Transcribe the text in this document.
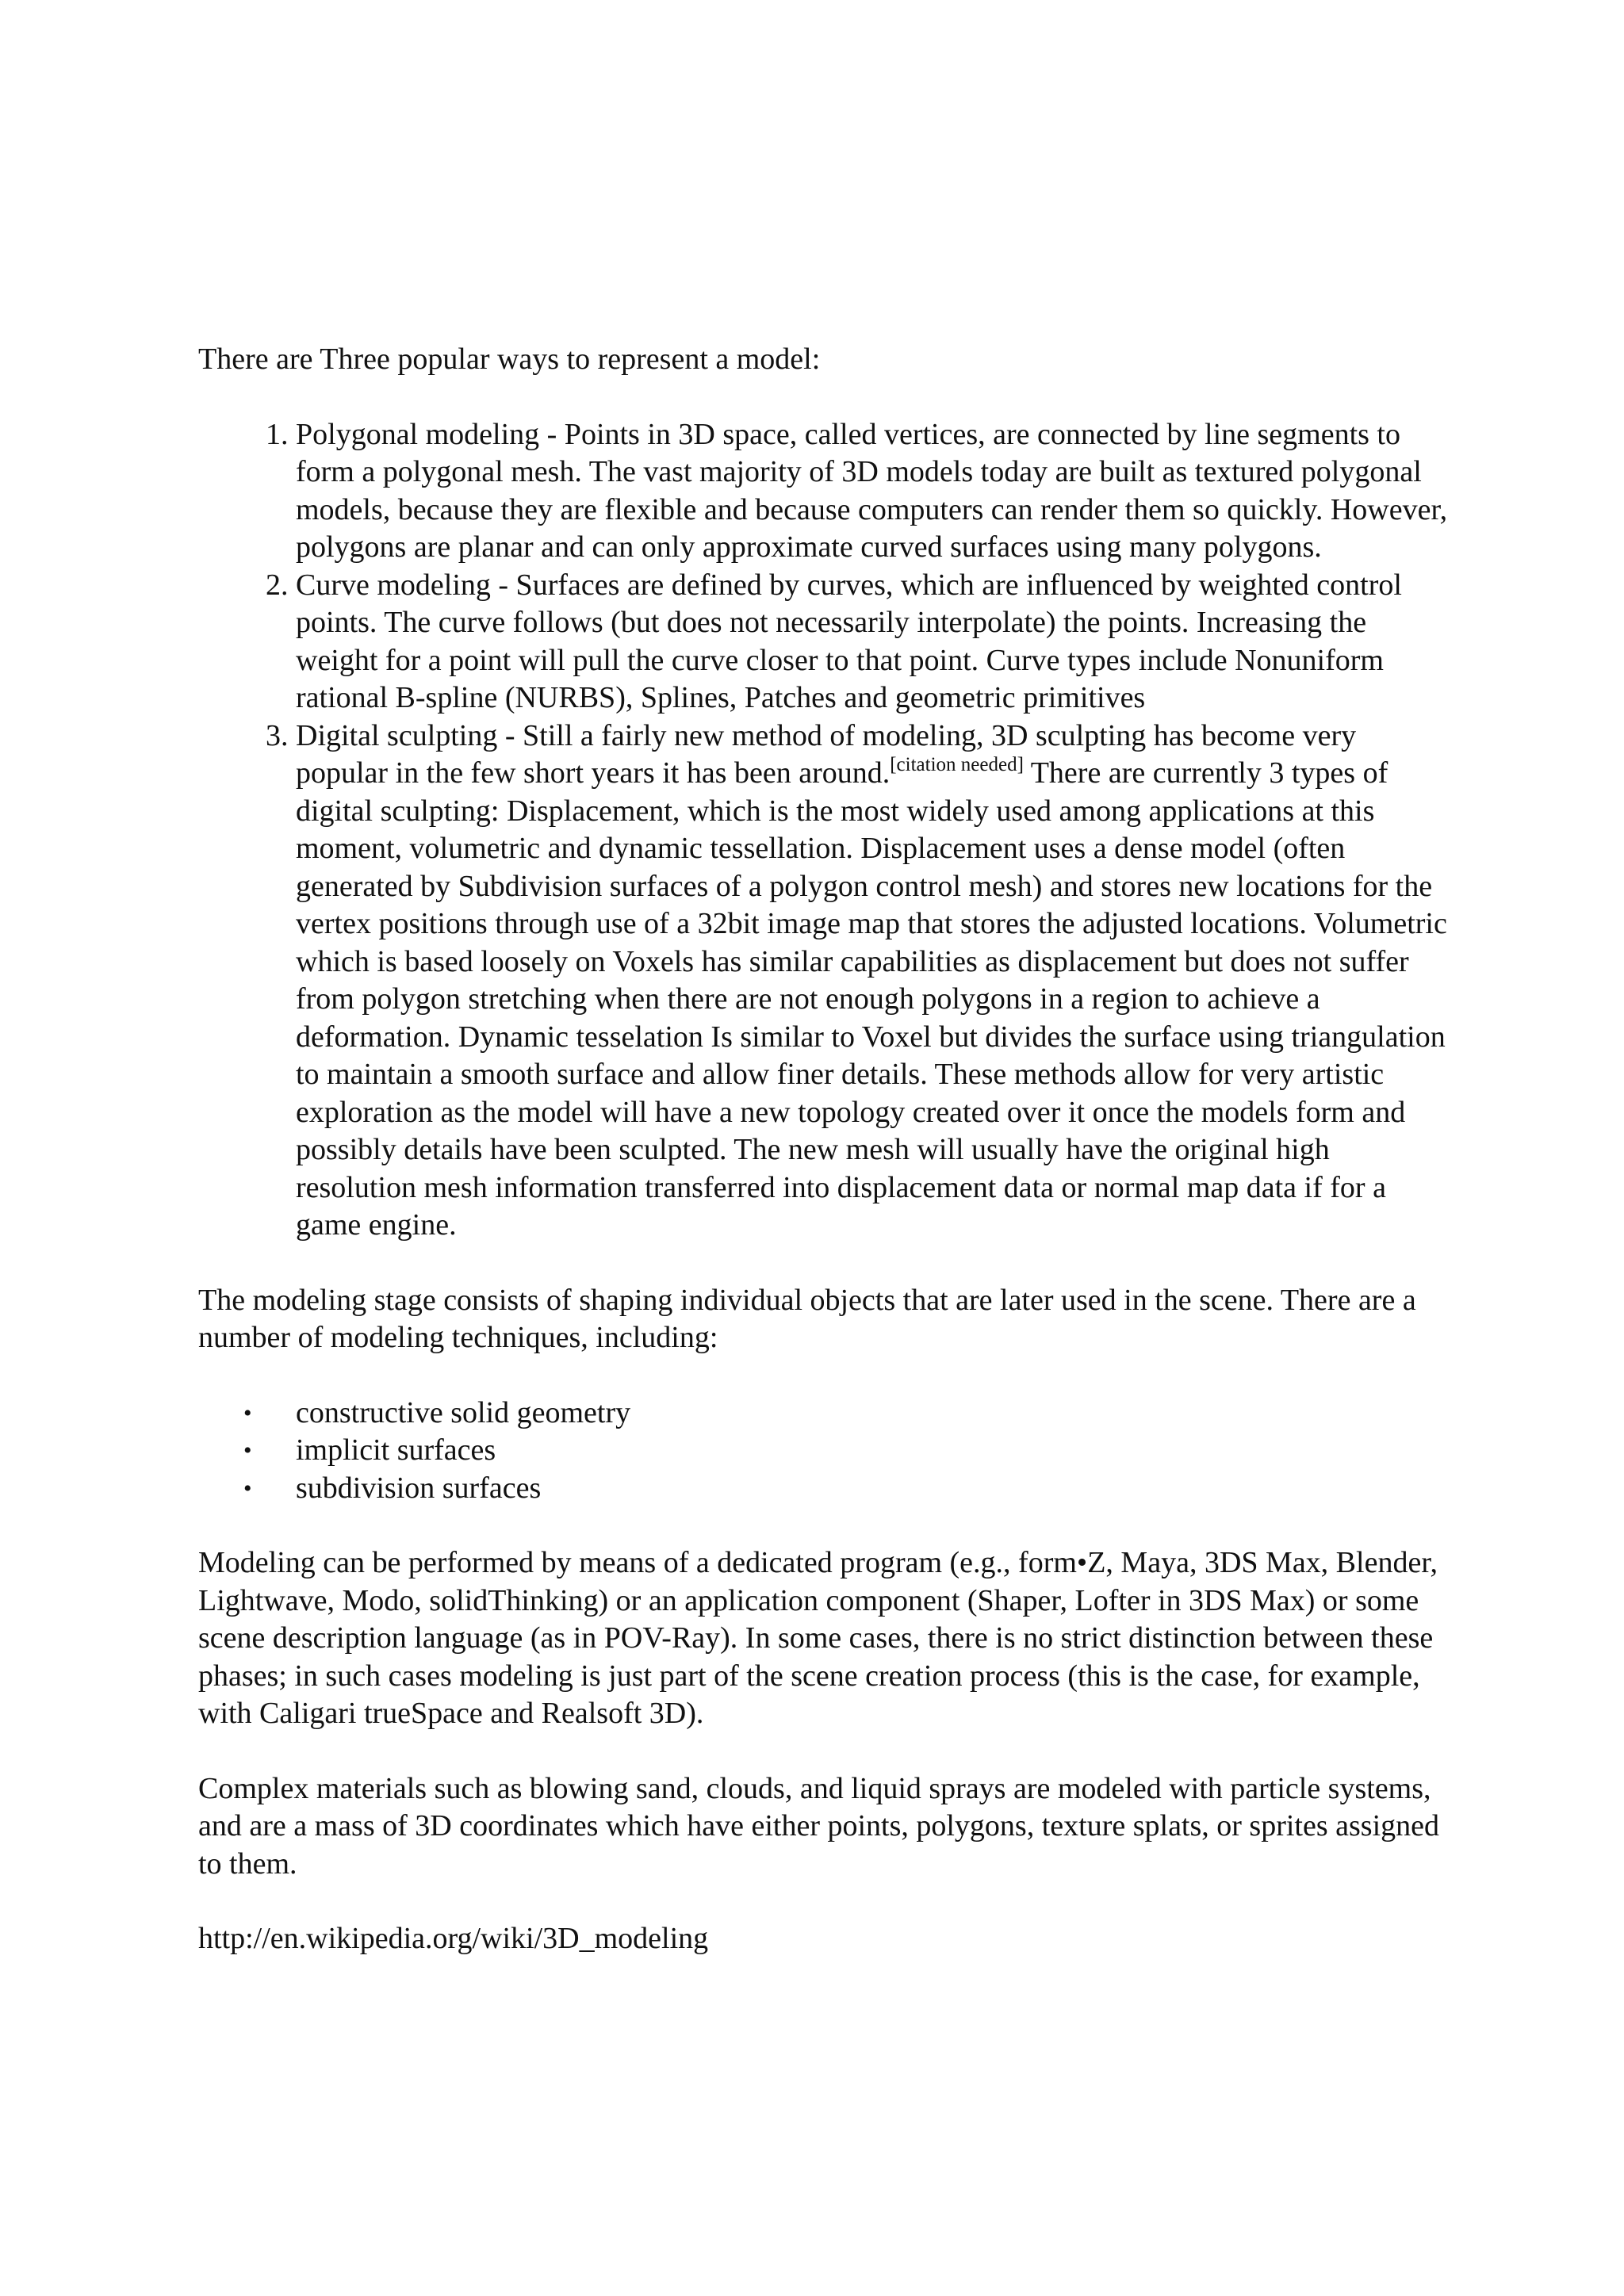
There are Three popular ways to represent a model:

1. Polygonal modeling - Points in 3D space, called vertices, are connected by line segments to form a polygonal mesh. The vast majority of 3D models today are built as textured polygonal models, because they are flexible and because computers can render them so quickly. However, polygons are planar and can only approximate curved surfaces using many polygons.
2. Curve modeling - Surfaces are defined by curves, which are influenced by weighted control points. The curve follows (but does not necessarily interpolate) the points. Increasing the weight for a point will pull the curve closer to that point. Curve types include Nonuniform rational B-spline (NURBS), Splines, Patches and geometric primitives
3. Digital sculpting - Still a fairly new method of modeling, 3D sculpting has become very popular in the few short years it has been around.[citation needed] There are currently 3 types of digital sculpting: Displacement, which is the most widely used among applications at this moment, volumetric and dynamic tessellation. Displacement uses a dense model (often generated by Subdivision surfaces of a polygon control mesh) and stores new locations for the vertex positions through use of a 32bit image map that stores the adjusted locations. Volumetric which is based loosely on Voxels has similar capabilities as displacement but does not suffer from polygon stretching when there are not enough polygons in a region to achieve a deformation. Dynamic tesselation Is similar to Voxel but divides the surface using triangulation to maintain a smooth surface and allow finer details. These methods allow for very artistic exploration as the model will have a new topology created over it once the models form and possibly details have been sculpted. The new mesh will usually have the original high resolution mesh information transferred into displacement data or normal map data if for a game engine.

The modeling stage consists of shaping individual objects that are later used in the scene. There are a number of modeling techniques, including:

• constructive solid geometry
• implicit surfaces
• subdivision surfaces

Modeling can be performed by means of a dedicated program (e.g., form•Z, Maya, 3DS Max, Blender, Lightwave, Modo, solidThinking) or an application component (Shaper, Lofter in 3DS Max) or some scene description language (as in POV-Ray). In some cases, there is no strict distinction between these phases; in such cases modeling is just part of the scene creation process (this is the case, for example, with Caligari trueSpace and Realsoft 3D).

Complex materials such as blowing sand, clouds, and liquid sprays are modeled with particle systems, and are a mass of 3D coordinates which have either points, polygons, texture splats, or sprites assigned to them.

http://en.wikipedia.org/wiki/3D_modeling
